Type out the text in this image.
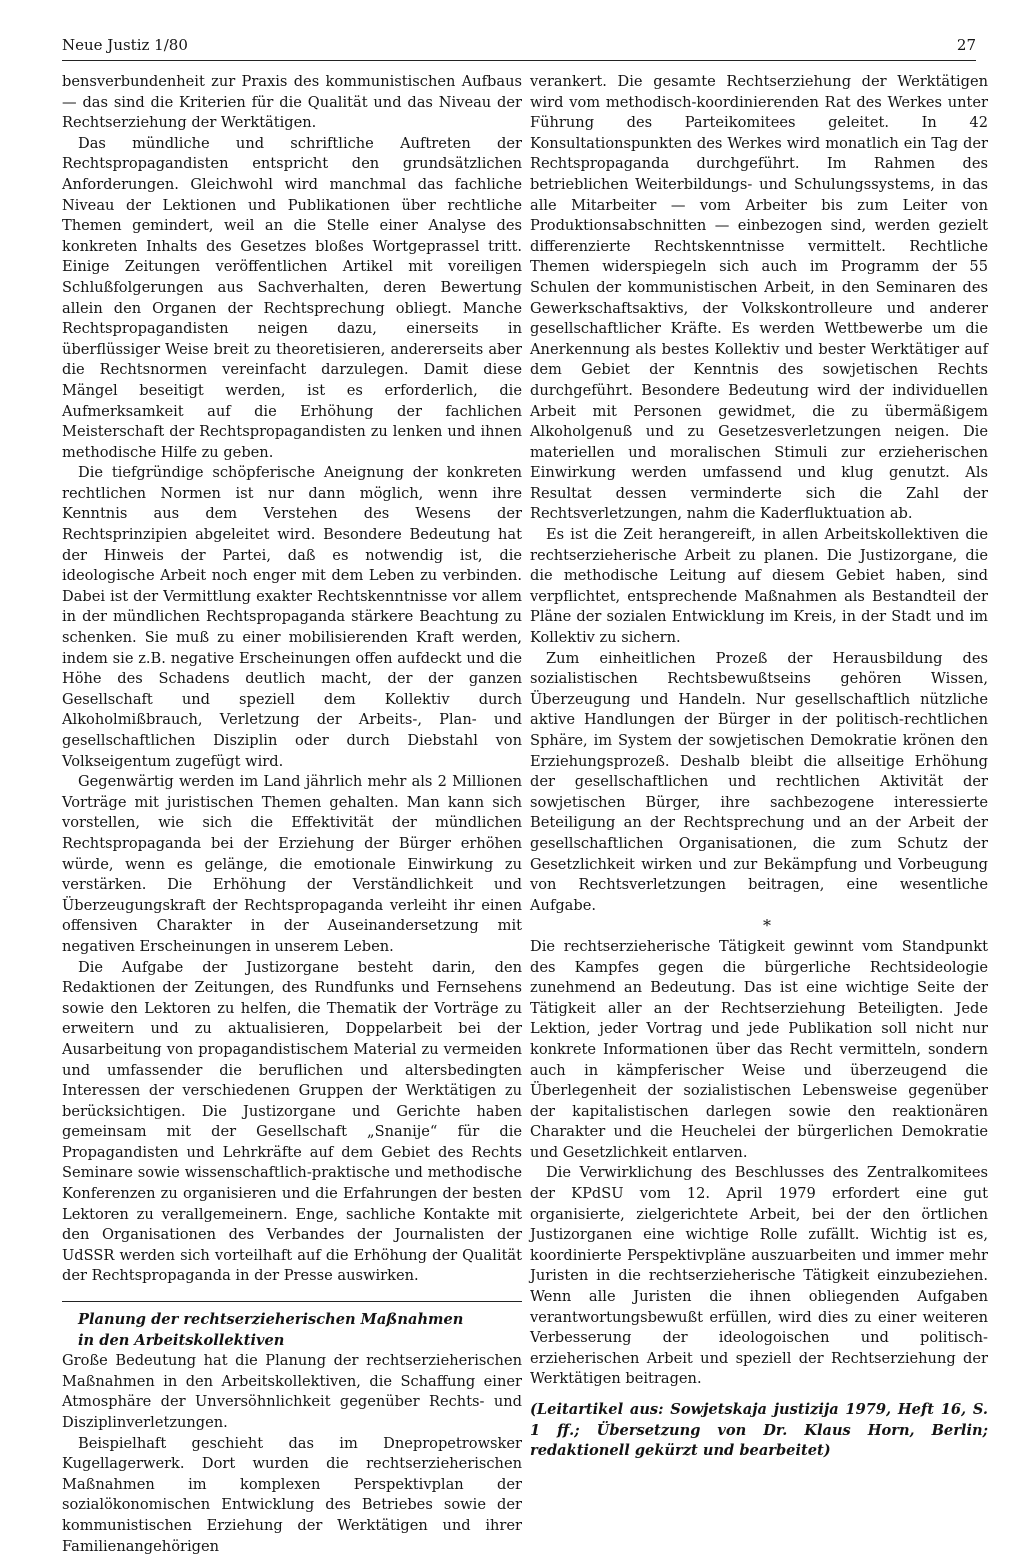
Neue Justiz 1/80	27

bensverbundenheit zur Praxis des kommunistischen Aufbaus — das sind die Kriterien für die Qualität und das Niveau der Rechtserziehung der Werktätigen.

Das mündliche und schriftliche Auftreten der Rechtspropagandisten entspricht den grundsätzlichen Anforderungen. Gleichwohl wird manchmal das fachliche Niveau der Lektionen und Publikationen über rechtliche Themen gemindert, weil an die Stelle einer Analyse des konkreten Inhalts des Gesetzes bloßes Wortgeprassel tritt. Einige Zeitungen veröffentlichen Artikel mit voreiligen Schlußfolgerungen aus Sachverhalten, deren Bewertung allein den Organen der Rechtsprechung obliegt. Manche Rechtspropagandisten neigen dazu, einerseits in überflüssiger Weise breit zu theoretisieren, andererseits aber die Rechtsnormen vereinfacht darzulegen. Damit diese Mängel beseitigt werden, ist es erforderlich, die Aufmerksamkeit auf die Erhöhung der fachlichen Meisterschaft der Rechtspropagandisten zu lenken und ihnen methodische Hilfe zu geben.

Die tiefgründige schöpferische Aneignung der konkreten rechtlichen Normen ist nur dann möglich, wenn ihre Kenntnis aus dem Verstehen des Wesens der Rechtsprinzipien abgeleitet wird. Besondere Bedeutung hat der Hinweis der Partei, daß es notwendig ist, die ideologische Arbeit noch enger mit dem Leben zu verbinden. Dabei ist der Vermittlung exakter Rechtskenntnisse vor allem in der mündlichen Rechtspropaganda stärkere Beachtung zu schenken. Sie muß zu einer mobilisierenden Kraft werden, indem sie z.B. negative Erscheinungen offen aufdeckt und die Höhe des Schadens deutlich macht, der der ganzen Gesellschaft und speziell dem Kollektiv durch Alkoholmißbrauch, Verletzung der Arbeits-, Plan- und gesellschaftlichen Disziplin oder durch Diebstahl von Volkseigentum zugefügt wird.

Gegenwärtig werden im Land jährlich mehr als 2 Millionen Vorträge mit juristischen Themen gehalten. Man kann sich vorstellen, wie sich die Effektivität der mündlichen Rechtspropaganda bei der Erziehung der Bürger erhöhen würde, wenn es gelänge, die emotionale Einwirkung zu verstärken. Die Erhöhung der Verständlichkeit und Überzeugungskraft der Rechtspropaganda verleiht ihr einen offensiven Charakter in der Auseinandersetzung mit negativen Erscheinungen in unserem Leben.

Die Aufgabe der Justizorgane besteht darin, den Redaktionen der Zeitungen, des Rundfunks und Fernsehens sowie den Lektoren zu helfen, die Thematik der Vorträge zu erweitern und zu aktualisieren, Doppelarbeit bei der Ausarbeitung von propagandistischem Material zu vermeiden und umfassender die beruflichen und altersbedingten Interessen der verschiedenen Gruppen der Werktätigen zu berücksichtigen. Die Justizorgane und Gerichte haben gemeinsam mit der Gesellschaft „Snanije“ für die Propagandisten und Lehrkräfte auf dem Gebiet des Rechts Seminare sowie wissenschaftlich-praktische und methodische Konferenzen zu organisieren und die Erfahrungen der besten Lektoren zu verallgemeinern. Enge, sachliche Kontakte mit den Organisationen des Verbandes der Journalisten der UdSSR werden sich vorteilhaft auf die Erhöhung der Qualität der Rechtspropaganda in der Presse auswirken.

Planung der rechtserzieherischen Maßnahmen
in den Arbeitskollektiven

Große Bedeutung hat die Planung der rechtserzieherischen Maßnahmen in den Arbeitskollektiven, die Schaffung einer Atmosphäre der Unversöhnlichkeit gegenüber Rechts- und Disziplinverletzungen.

Beispielhaft geschieht das im Dnepropetrowsker Kugellagerwerk. Dort wurden die rechtserzieherischen Maßnahmen im komplexen Perspektivplan der sozialökonomischen Entwicklung des Betriebes sowie der kommunistischen Erziehung der Werktätigen und ihrer Familienangehörigen

verankert. Die gesamte Rechtserziehung der Werktätigen wird vom methodisch-koordinierenden Rat des Werkes unter Führung des Parteikomitees geleitet. In 42 Konsultationspunkten des Werkes wird monatlich ein Tag der Rechtspropaganda durchgeführt. Im Rahmen des betrieblichen Weiterbildungs- und Schulungssystems, in das alle Mitarbeiter — vom Arbeiter bis zum Leiter von Produktionsabschnitten — einbezogen sind, werden gezielt differenzierte Rechtskenntnisse vermittelt. Rechtliche Themen widerspiegeln sich auch im Programm der 55 Schulen der kommunistischen Arbeit, in den Seminaren des Gewerkschaftsaktivs, der Volkskontrolleure und anderer gesellschaftlicher Kräfte. Es werden Wettbewerbe um die Anerkennung als bestes Kollektiv und bester Werktätiger auf dem Gebiet der Kenntnis des sowjetischen Rechts durchgeführt. Besondere Bedeutung wird der individuellen Arbeit mit Personen gewidmet, die zu übermäßigem Alkoholgenuß und zu Gesetzesverletzungen neigen. Die materiellen und moralischen Stimuli zur erzieherischen Einwirkung werden umfassend und klug genutzt. Als Resultat dessen verminderte sich die Zahl der Rechtsverletzungen, nahm die Kaderfluktuation ab.

Es ist die Zeit herangereift, in allen Arbeitskollektiven die rechtserzieherische Arbeit zu planen. Die Justizorgane, die die methodische Leitung auf diesem Gebiet haben, sind verpflichtet, entsprechende Maßnahmen als Bestandteil der Pläne der sozialen Entwicklung im Kreis, in der Stadt und im Kollektiv zu sichern.

Zum einheitlichen Prozeß der Herausbildung des sozialistischen Rechtsbewußtseins gehören Wissen, Überzeugung und Handeln. Nur gesellschaftlich nützliche aktive Handlungen der Bürger in der politisch-rechtlichen Sphäre, im System der sowjetischen Demokratie krönen den Erziehungsprozeß. Deshalb bleibt die allseitige Erhöhung der gesellschaftlichen und rechtlichen Aktivität der sowjetischen Bürger, ihre sachbezogene interessierte Beteiligung an der Rechtsprechung und an der Arbeit der gesellschaftlichen Organisationen, die zum Schutz der Gesetzlichkeit wirken und zur Bekämpfung und Vorbeugung von Rechtsverletzungen beitragen, eine wesentliche Aufgabe.

*

Die rechtserzieherische Tätigkeit gewinnt vom Standpunkt des Kampfes gegen die bürgerliche Rechtsideologie zunehmend an Bedeutung. Das ist eine wichtige Seite der Tätigkeit aller an der Rechtserziehung Beteiligten. Jede Lektion, jeder Vortrag und jede Publikation soll nicht nur konkrete Informationen über das Recht vermitteln, sondern auch in kämpferischer Weise und überzeugend die Überlegenheit der sozialistischen Lebensweise gegenüber der kapitalistischen darlegen sowie den reaktionären Charakter und die Heuchelei der bürgerlichen Demokratie und Gesetzlichkeit entlarven.

Die Verwirklichung des Beschlusses des Zentralkomitees der KPdSU vom 12. April 1979 erfordert eine gut organisierte, zielgerichtete Arbeit, bei der den örtlichen Justizorganen eine wichtige Rolle zufällt. Wichtig ist es, koordinierte Perspektivpläne auszuarbeiten und immer mehr Juristen in die rechtserzieherische Tätigkeit einzubeziehen. Wenn alle Juristen die ihnen obliegenden Aufgaben verantwortungsbewußt erfüllen, wird dies zu einer weiteren Verbesserung der ideologoischen und politisch-erzieherischen Arbeit und speziell der Rechtserziehung der Werktätigen beitragen.

(Leitartikel aus: Sowjetskaja justizija 1979, Heft 16, S. 1 ff.; Übersetzung von Dr. Klaus Horn, Berlin; redaktionell gekürzt und bearbeitet)
